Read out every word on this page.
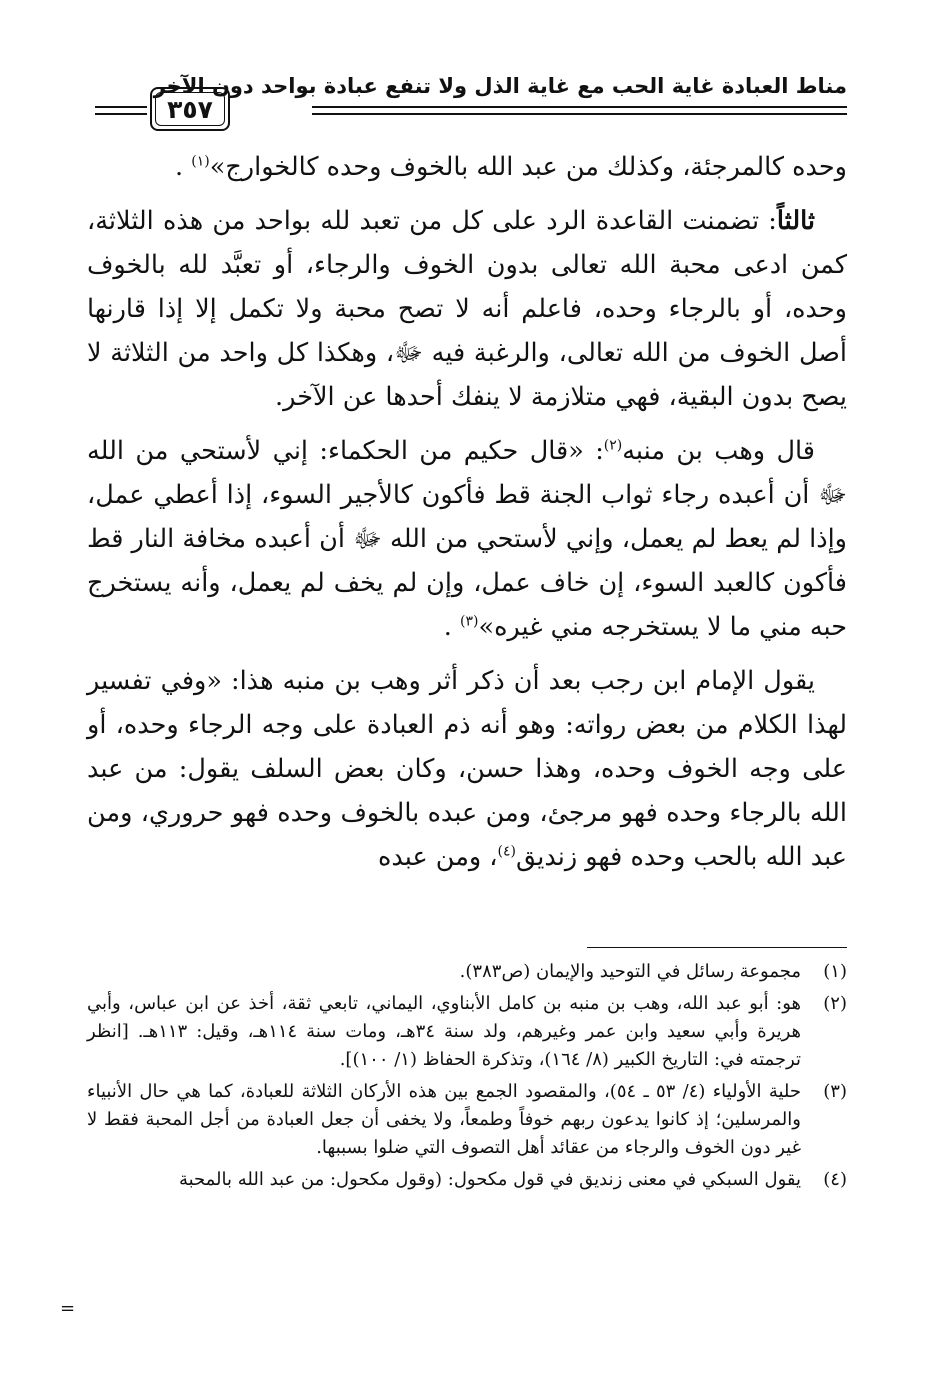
مناط العبادة غاية الحب مع غاية الذل ولا تنفع عبادة بواحد دون الآخر
٣٥٧

وحده كالمرجئة، وكذلك من عبد الله بالخوف وحده كالخوارج»$^{(١)}$ .

ثالثاً: تضمنت القاعدة الرد على كل من تعبد لله بواحد من هذه الثلاثة، كمن ادعى محبة الله تعالى بدون الخوف والرجاء، أو تعبَّد لله بالخوف وحده، أو بالرجاء وحده، فاعلم أنه لا تصح محبة ولا تكمل إلا إذا قارنها أصل الخوف من الله تعالى، والرغبة فيه ﷻ، وهكذا كل واحد من الثلاثة لا يصح بدون البقية، فهي متلازمة لا ينفك أحدها عن الآخر.

قال وهب بن منبه$^{(٢)}$: «قال حكيم من الحكماء: إني لأستحي من الله ﷻ أن أعبده رجاء ثواب الجنة قط فأكون كالأجير السوء، إذا أعطي عمل، وإذا لم يعط لم يعمل، وإني لأستحي من الله ﷻ أن أعبده مخافة النار قط فأكون كالعبد السوء، إن خاف عمل، وإن لم يخف لم يعمل، وأنه يستخرج حبه مني ما لا يستخرجه مني غيره»$^{(٣)}$ .

يقول الإمام ابن رجب بعد أن ذكر أثر وهب بن منبه هذا: «وفي تفسير لهذا الكلام من بعض رواته: وهو أنه ذم العبادة على وجه الرجاء وحده، أو على وجه الخوف وحده، وهذا حسن، وكان بعض السلف يقول: من عبد الله بالرجاء وحده فهو مرجئ، ومن عبده بالخوف وحده فهو حروري، ومن عبد الله بالحب وحده فهو زنديق$^{(٤)}$، ومن عبده

(١)
مجموعة رسائل في التوحيد والإيمان (ص٣٨٣).
(٢)
هو: أبو عبد الله، وهب بن منبه بن كامل الأبناوي، اليماني، تابعي ثقة، أخذ عن ابن عباس، وأبي هريرة وأبي سعيد وابن عمر وغيرهم، ولد سنة ٣٤هـ، ومات سنة ١١٤هـ، وقيل: ١١٣هـ. [انظر ترجمته في: التاريخ الكبير (٨/ ١٦٤)، وتذكرة الحفاظ (١/ ١٠٠)].
(٣)
حلية الأولياء (٤/ ٥٣ ـ ٥٤)، والمقصود الجمع بين هذه الأركان الثلاثة للعبادة، كما هي حال الأنبياء والمرسلين؛ إذ كانوا يدعون ربهم خوفاً وطمعاً، ولا يخفى أن جعل العبادة من أجل المحبة فقط لا غير دون الخوف والرجاء من عقائد أهل التصوف التي ضلوا بسببها.
(٤)
يقول السبكي في معنى زنديق في قول مكحول: (وقول مكحول: من عبد الله بالمحبة
=
